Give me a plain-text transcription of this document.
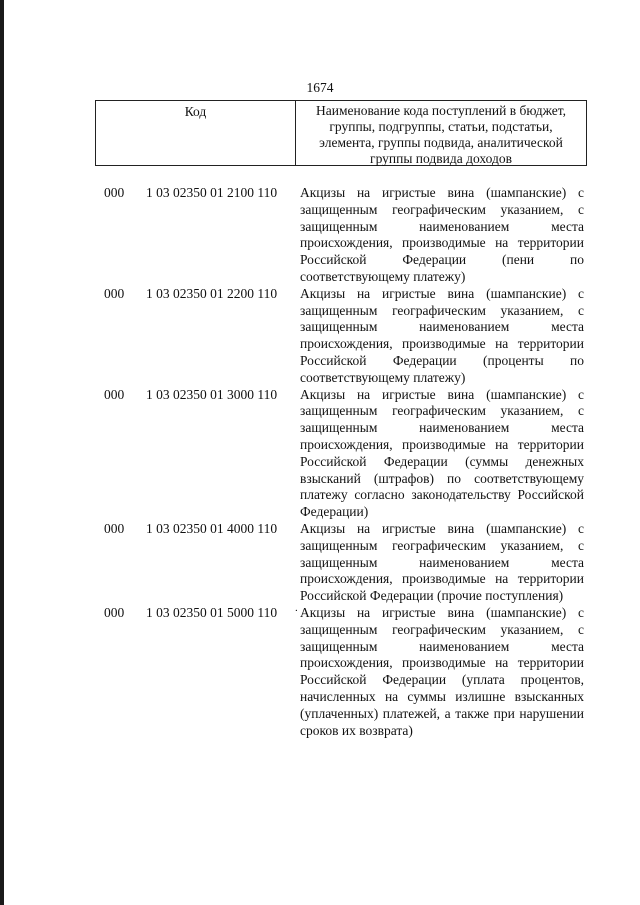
1674
Код	Наименование кода поступлений в бюджет, группы, подгруппы, статьи, подстатьи, элемента, группы подвида, аналитической группы подвида доходов
000 1 03 02350 01 2100 110 Акцизы на игристые вина (шампанские) с защищенным географическим указанием, с защищенным наименованием места происхождения, производимые на территории Российской Федерации (пени по соответствующему платежу)
000 1 03 02350 01 2200 110 Акцизы на игристые вина (шампанские) с защищенным географическим указанием, с защищенным наименованием места происхождения, производимые на территории Российской Федерации (проценты по соответствующему платежу)
000 1 03 02350 01 3000 110 Акцизы на игристые вина (шампанские) с защищенным географическим указанием, с защищенным наименованием места происхождения, производимые на территории Российской Федерации (суммы денежных взысканий (штрафов) по соответствующему платежу согласно законодательству Российской Федерации)
000 1 03 02350 01 4000 110 Акцизы на игристые вина (шампанские) с защищенным географическим указанием, с защищенным наименованием места происхождения, производимые на территории Российской Федерации (прочие поступления)
000 1 03 02350 01 5000 110 Акцизы на игристые вина (шампанские) с защищенным географическим указанием, с защищенным наименованием места происхождения, производимые на территории Российской Федерации (уплата процентов, начисленных на суммы излишне взысканных (уплаченных) платежей, а также при нарушении сроков их возврата)
.
